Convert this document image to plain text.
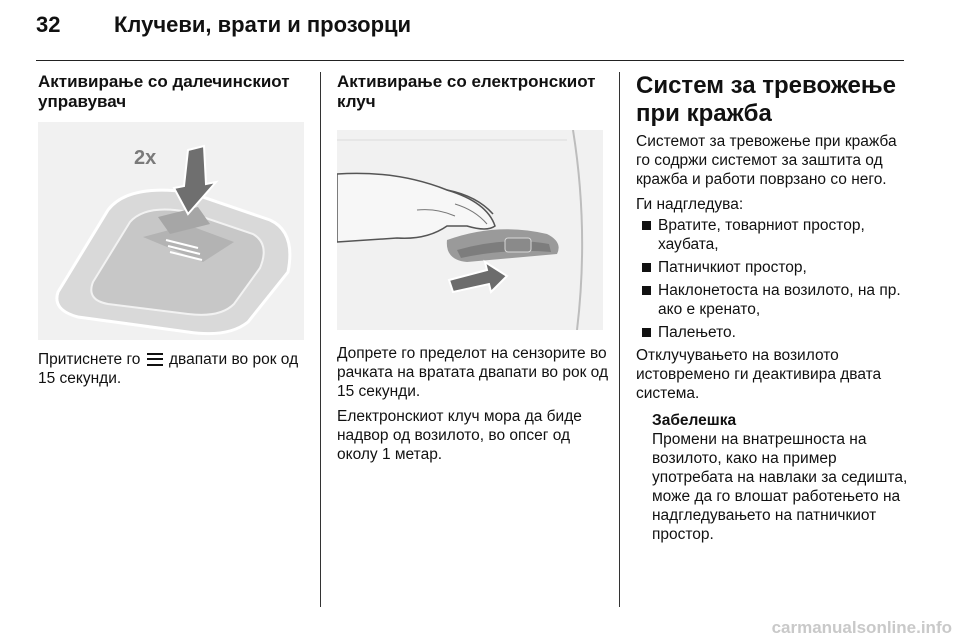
32 Клучеви, врати и прозорци
Активирање со далечинскиот управувач
2x

Притиснете го двапати во рок од 15 секунди.

Активирање со електронскиот клуч

Допрете го пределот на сензорите во рачката на вратата двапати во рок од 15 секунди.

Електронскиот клуч мора да биде надвор од возилото, во опсег од околу 1 метар.

Систем за тревожење при кражба

Системот за тревожење при кражба го содржи системот за заштита од кражба и работи поврзано со него.

Ги надгледува:

Вратите, товарниот простор, хаубата,
Патничкиот простор,
Наклонетоста на возилото, на пр. ако е кренато,
Палењето.

Отклучувањето на возилото истовремено ги деактивира двата система.

Забелешка

Промени на внатрешноста на возилото, како на пример употребата на навлаки за седишта, може да го влошат работењето на надгледувањето на патничкиот простор.

carmanualsonline.info
